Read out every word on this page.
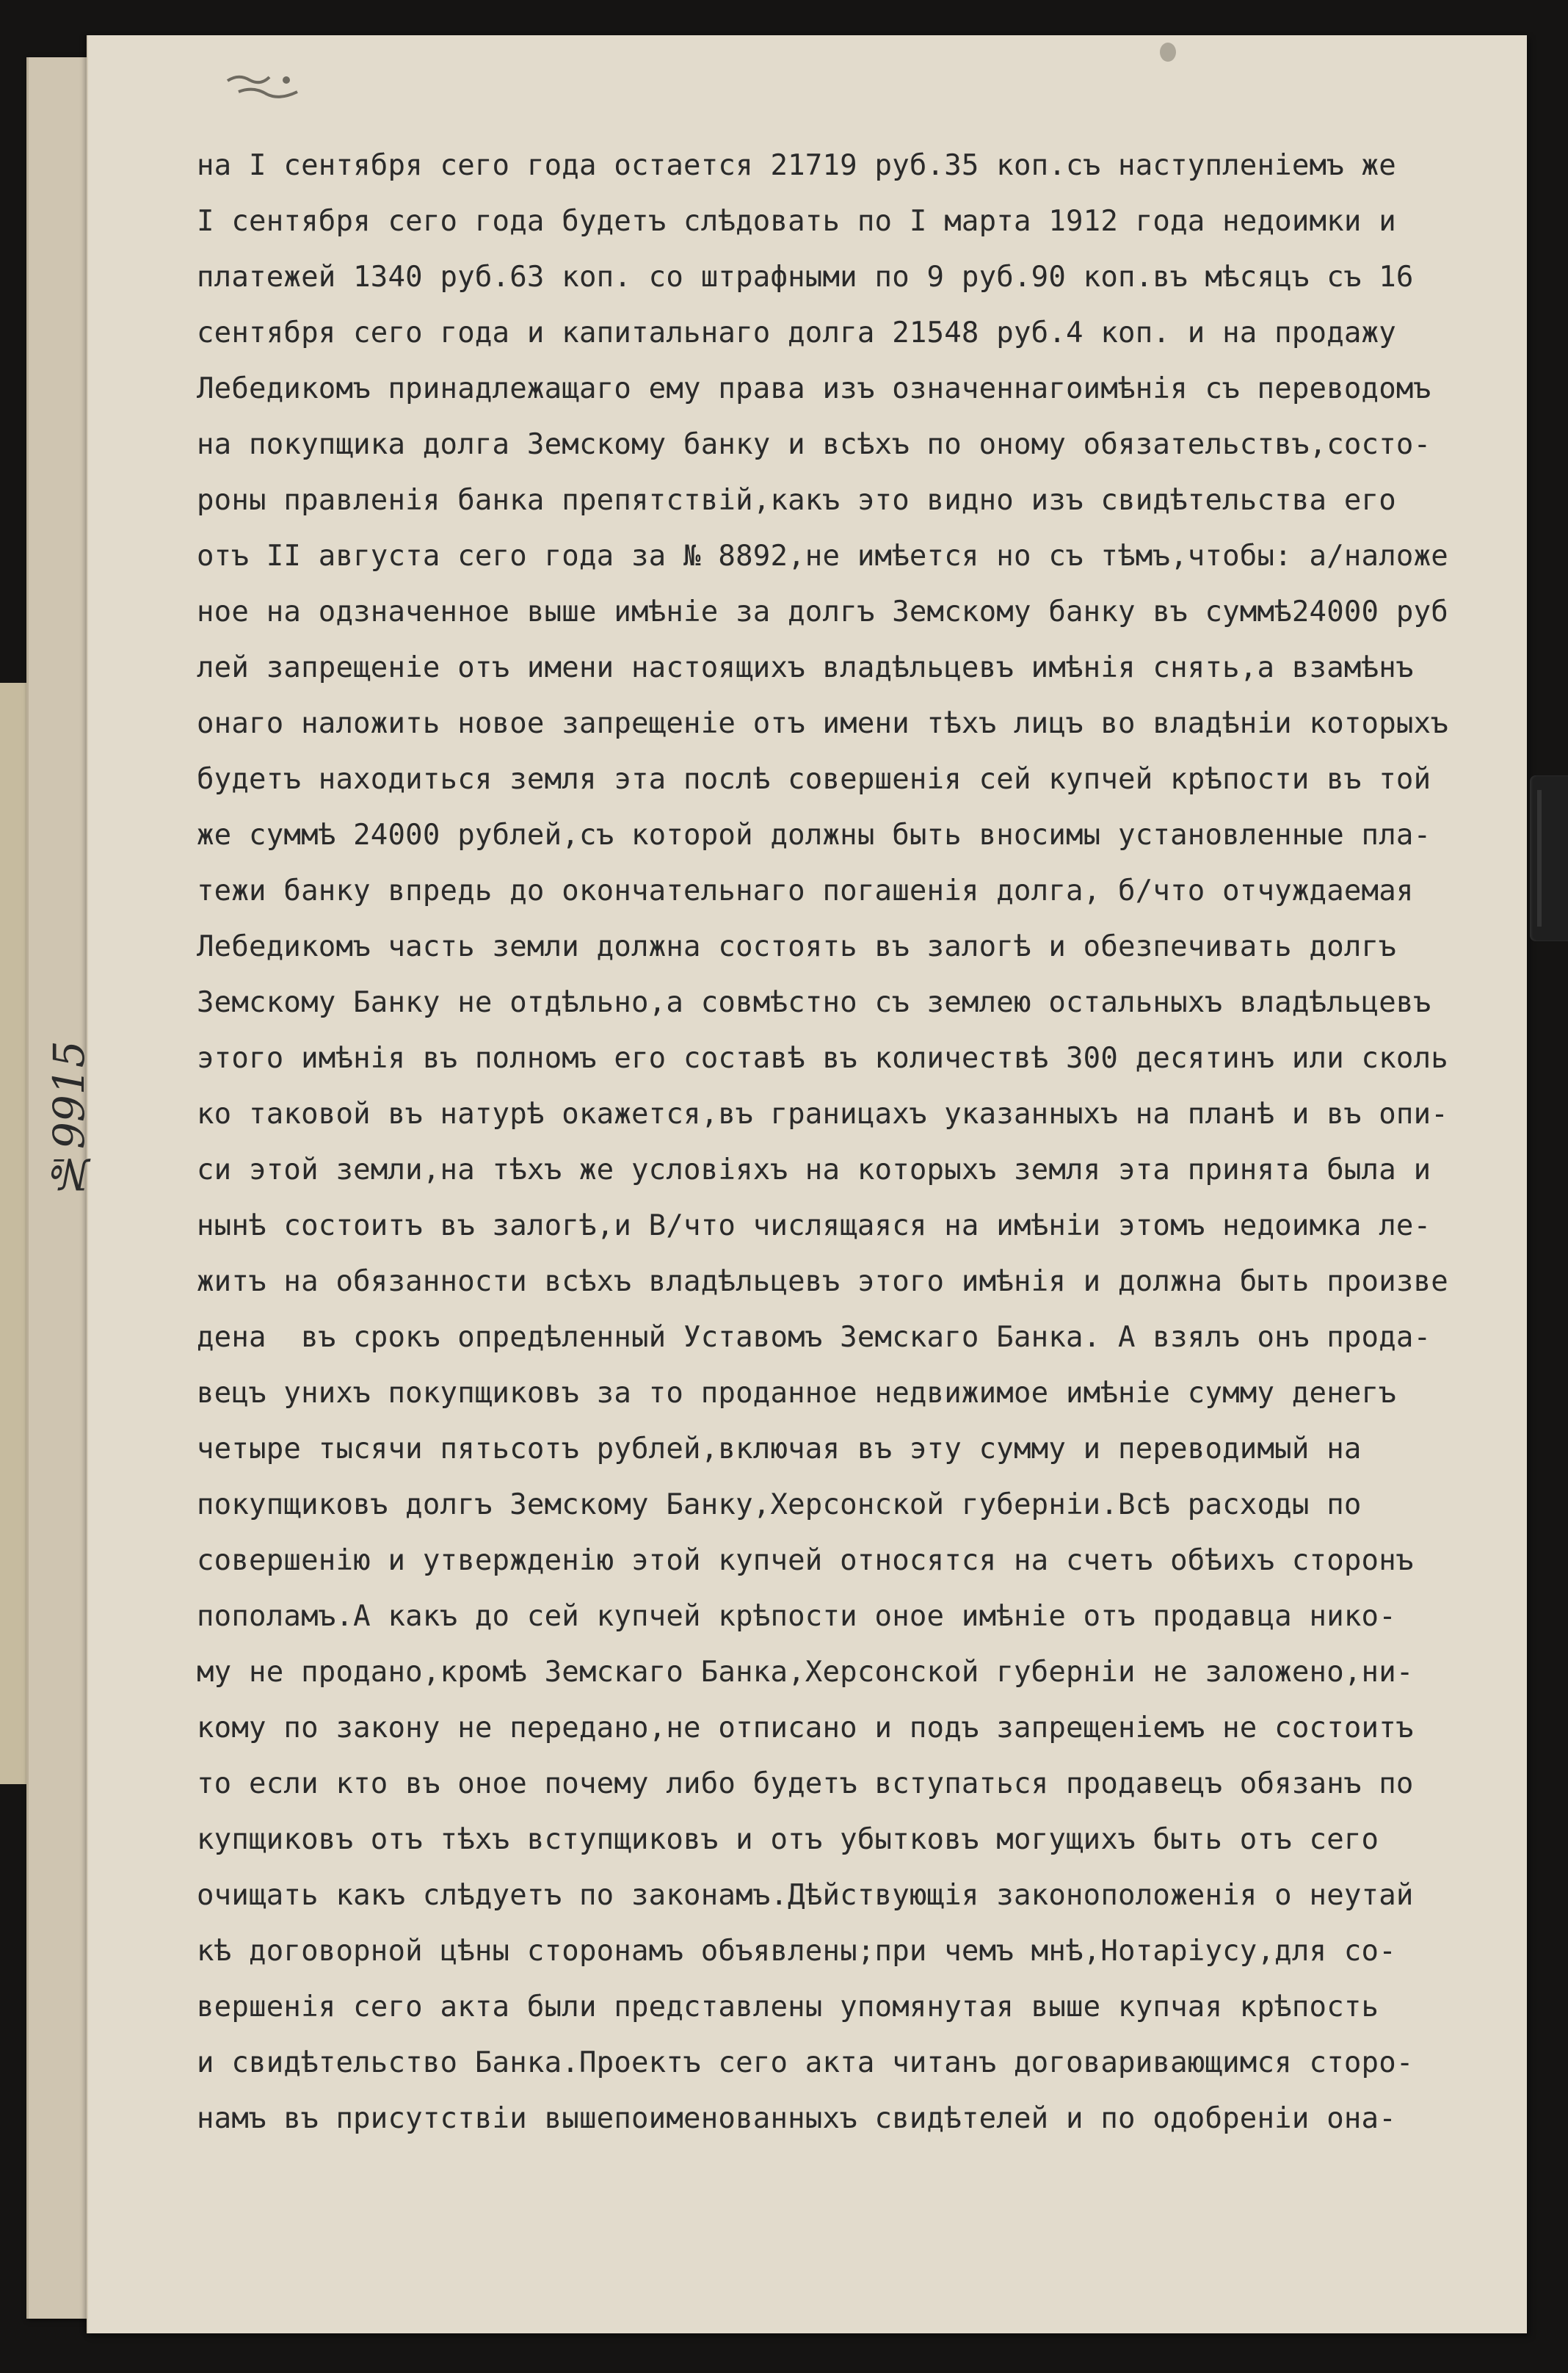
№9915
на I сентября сего года остается 21719 руб.35 коп.съ наступленiемъ же
I сентября сего года будетъ слѣдовать по I марта 1912 года недоимки и
платежей 1340 руб.63 коп. со штрафными по 9 руб.90 коп.въ мѣсяцъ съ 16
сентября сего года и капитальнаго долга 21548 руб.4 коп. и на продажу
Лебедикомъ принадлежащаго ему права изъ означеннагоимѣнiя съ переводомъ
на покупщика долга Земскому банку и всѣхъ по оному обязательствъ,состо-
роны правленiя банка препятствiй,какъ это видно изъ свидѣтельства его
отъ II августа сего года за № 8892,не имѣется но съ тѣмъ,чтобы: а/наложе
ное на одзначенное выше имѣнiе за долгъ Земскому банку въ суммѣ24000 руб
лей запрещенiе отъ имени настоящихъ владѣльцевъ имѣнiя снять,а взамѣнъ
онаго наложить новое запрещенiе отъ имени тѣхъ лицъ во владѣнiи которыхъ
будетъ находиться земля эта послѣ совершенiя сей купчей крѣпости въ той
же суммѣ 24000 рублей,съ которой должны быть вносимы установленные пла-
тежи банку впредь до окончательнаго погашенiя долга, б/что отчуждаемая
Лебедикомъ часть земли должна состоять въ залогѣ и обезпечивать долгъ
Земскому Банку не отдѣльно,а совмѣстно съ землею остальныхъ владѣльцевъ
этого имѣнiя въ полномъ его составѣ въ количествѣ 300 десятинъ или сколь
ко таковой въ натурѣ окажется,въ границахъ указанныхъ на планѣ и въ опи-
си этой земли,на тѣхъ же условiяхъ на которыхъ земля эта принята была и
нынѣ состоитъ въ залогѣ,и В/что числящаяся на имѣнiи этомъ недоимка ле-
житъ на обязанности всѣхъ владѣльцевъ этого имѣнiя и должна быть произве
дена  въ срокъ опредѣленный Уставомъ Земскаго Банка. А взялъ онъ прода-
вецъ унихъ покупщиковъ за то проданное недвижимое имѣнiе сумму денегъ
четыре тысячи пятьсотъ рублей,включая въ эту сумму и переводимый на
покупщиковъ долгъ Земскому Банку,Херсонской губернiи.Всѣ расходы по
совершенiю и утвержденiю этой купчей относятся на счетъ обѣихъ сторонъ
пополамъ.А какъ до сей купчей крѣпости оное имѣнiе отъ продавца нико-
му не продано,кромѣ Земскаго Банка,Херсонской губернiи не заложено,ни-
кому по закону не передано,не отписано и подъ запрещенiемъ не состоитъ
то если кто въ оное почему либо будетъ вступаться продавецъ обязанъ по
купщиковъ отъ тѣхъ вступщиковъ и отъ убытковъ могущихъ быть отъ сего
очищать какъ слѣдуетъ по законамъ.Дѣйствующiя законоположенiя о неутай
кѣ договорной цѣны сторонамъ объявлены;при чемъ мнѣ,Нотарiусу,для со-
вершенiя сего акта были представлены упомянутая выше купчая крѣпость
и свидѣтельство Банка.Проектъ сего акта читанъ договаривающимся сторо-
намъ въ присутствiи вышепоименованныхъ свидѣтелей и по одобренiи она-
